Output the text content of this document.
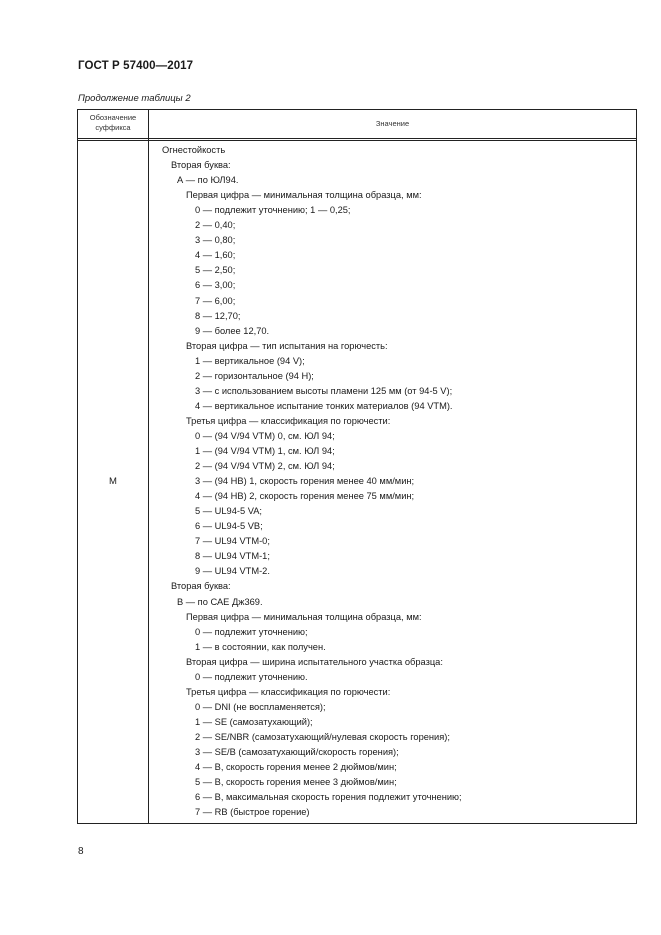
ГОСТ Р 57400—2017
Продолжение таблицы 2
Обозначение суффикса	Значение
М
Огнестойкость
Вторая буква:
А — по ЮЛ94.
Первая цифра — минимальная толщина образца, мм:
0 — подлежит уточнению; 1 — 0,25;
2 — 0,40;
3 — 0,80;
4 — 1,60;
5 — 2,50;
6 — 3,00;
7 — 6,00;
8 — 12,70;
9 — более 12,70.
Вторая цифра — тип испытания на горючесть:
1 — вертикальное (94 V);
2 — горизонтальное (94 H);
3 — с использованием высоты пламени 125 мм (от 94-5 V);
4 — вертикальное испытание тонких материалов (94 VTM).
Третья цифра — классификация по горючести:
0 — (94 V/94 VTM) 0, см. ЮЛ 94;
1 — (94 V/94 VTM) 1, см. ЮЛ 94;
2 — (94 V/94 VTM) 2, см. ЮЛ 94;
3 — (94 HB) 1, скорость горения менее 40 мм/мин;
4 — (94 HB) 2, скорость горения менее 75 мм/мин;
5 — UL94-5 VA;
6 — UL94-5 VB;
7 — UL94 VTM-0;
8 — UL94 VTM-1;
9 — UL94 VTM-2.
Вторая буква:
В — по САЕ Дж369.
Первая цифра — минимальная толщина образца, мм:
0 — подлежит уточнению;
1 — в состоянии, как получен.
Вторая цифра — ширина испытательного участка образца:
0 — подлежит уточнению.
Третья цифра — классификация по горючести:
0 — DNI (не воспламеняется);
1 — SE (самозатухающий);
2 — SE/NBR (самозатухающий/нулевая скорость горения);
3 — SE/B (самозатухающий/скорость горения);
4 — B, скорость горения менее 2 дюймов/мин;
5 — B, скорость горения менее 3 дюймов/мин;
6 — B, максимальная скорость горения подлежит уточнению;
7 — RB (быстрое горение)
8
